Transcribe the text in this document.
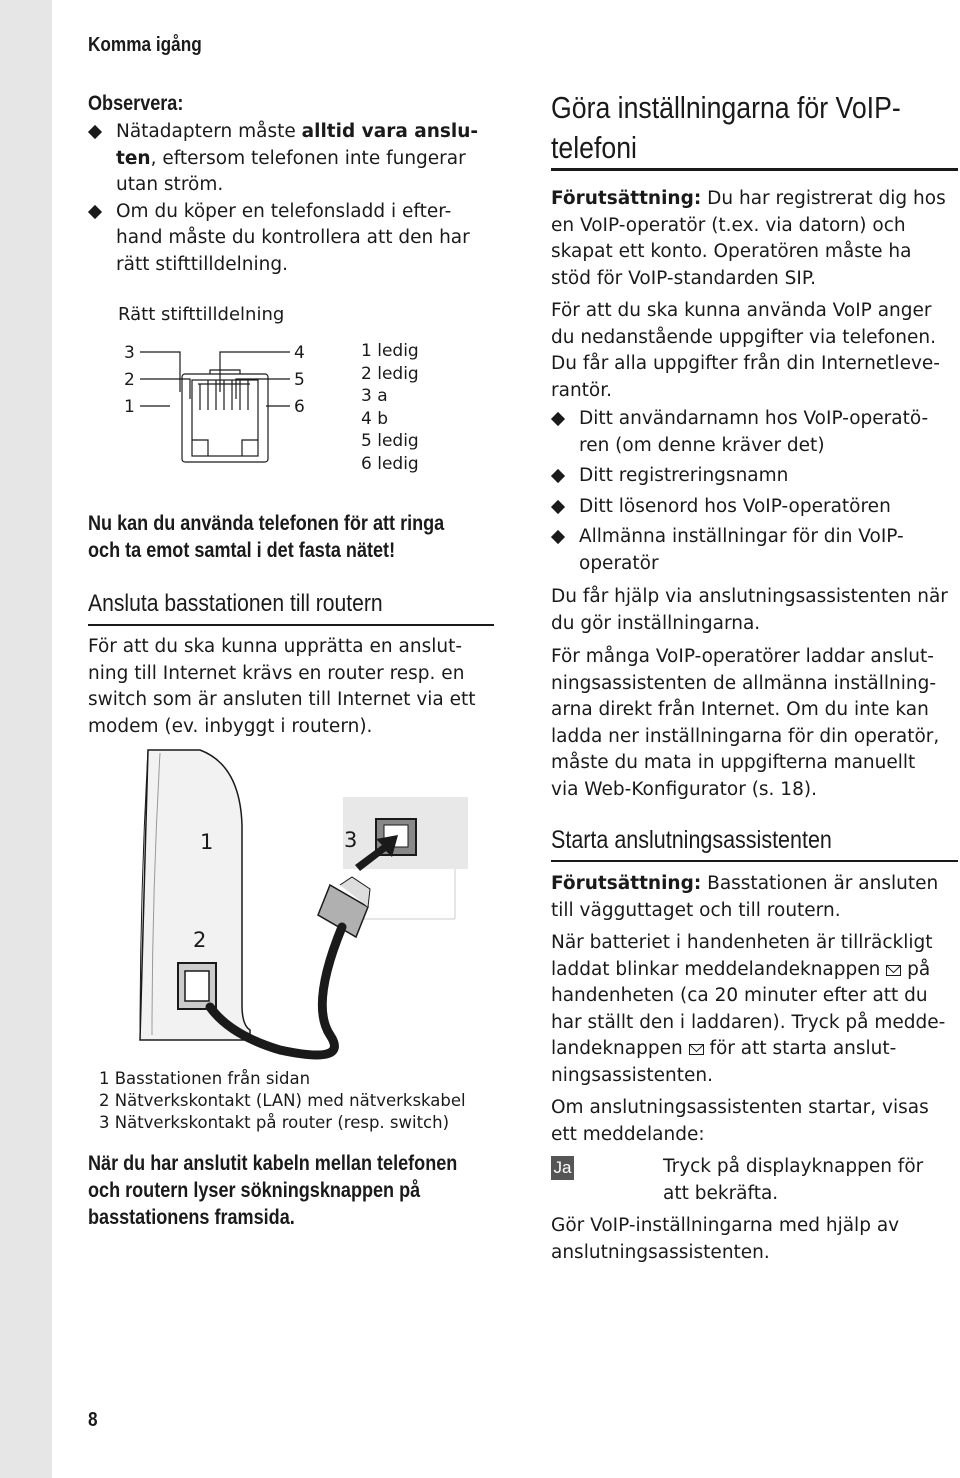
Komma igång
Observera:
Nätadaptern måste alltid vara anslu-
ten, eftersom telefonen inte fungerar
utan ström.
Om du köper en telefonsladd i efter-
hand måste du kontrollera att den har
rätt stifttilldelning.
Rätt stifttilldelning
3
2
1
4
5
6
1 ledig
2 ledig
3 a
4 b
5 ledig
6 ledig
Nu kan du använda telefonen för att ringa
och ta emot samtal i det fasta nätet!
Ansluta basstationen till routern
För att du ska kunna upprätta en anslut-
ning till Internet krävs en router resp. en
switch som är ansluten till Internet via ett
modem (ev. inbyggt i routern).
1
2
3
1 Basstationen från sidan
2 Nätverkskontakt (LAN) med nätverkskabel
3 Nätverkskontakt på router (resp. switch)
När du har anslutit kabeln mellan telefonen
och routern lyser sökningsknappen på
basstationens framsida.
8
Göra inställningarna för VoIP-
telefoni
Förutsättning: Du har registrerat dig hos
en VoIP-operatör (t.ex. via datorn) och
skapat ett konto. Operatören måste ha
stöd för VoIP-standarden SIP.
För att du ska kunna använda VoIP anger
du nedanstående uppgifter via telefonen.
Du får alla uppgifter från din Internetleve-
rantör.
Ditt användarnamn hos VoIP-operatö-
ren (om denne kräver det)
Ditt registreringsnamn
Ditt lösenord hos VoIP-operatören
Allmänna inställningar för din VoIP-
operatör
Du får hjälp via anslutningsassistenten när
du gör inställningarna.
För många VoIP-operatörer laddar anslut-
ningsassistenten de allmänna inställning-
arna direkt från Internet. Om du inte kan
ladda ner inställningarna för din operatör,
måste du mata in uppgifterna manuellt
via Web-Konfigurator (s. 18).
Starta anslutningsassistenten
Förutsättning: Basstationen är ansluten
till vägguttaget och till routern.
När batteriet i handenheten är tillräckligt
laddat blinkar meddelandeknappen  på
handenheten (ca 20 minuter efter att du
har ställt den i laddaren). Tryck på medde-
landeknappen  för att starta anslut-
ningsassistenten.
Om anslutningsassistenten startar, visas
ett meddelande:
Ja	Tryck på displayknappen för
att bekräfta.
Gör VoIP-inställningarna med hjälp av
anslutningsassistenten.
